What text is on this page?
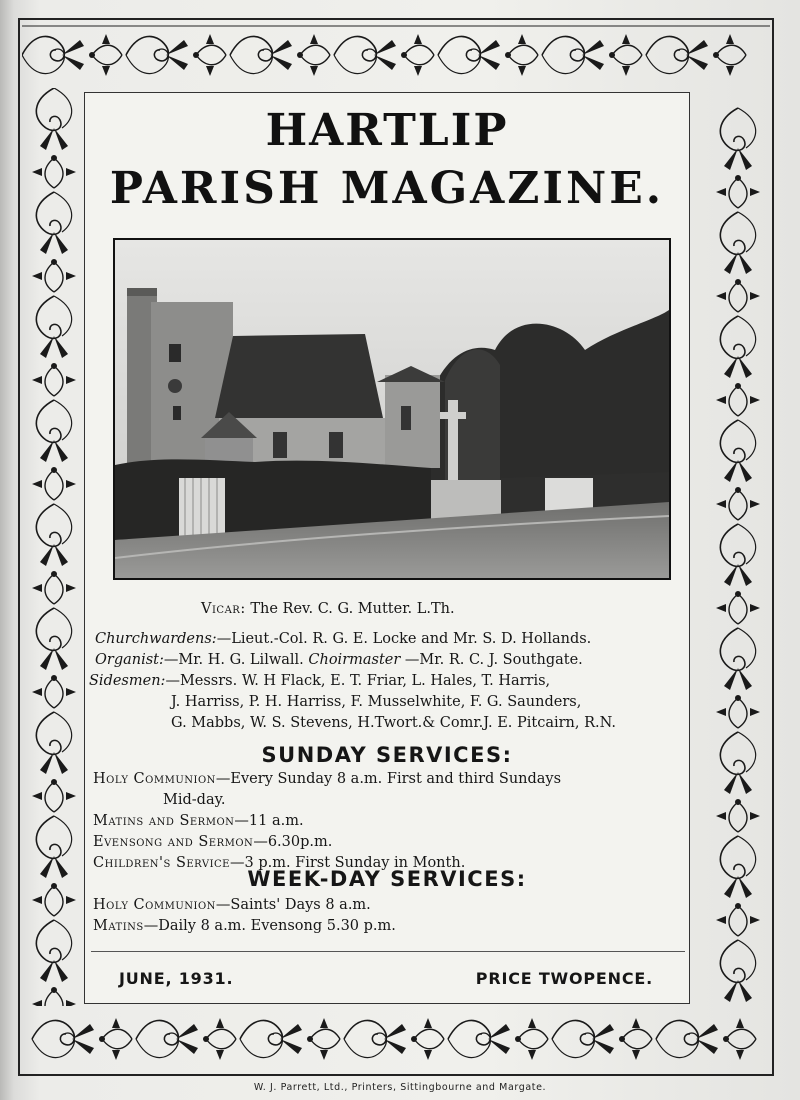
HARTLIP
PARISH MAGAZINE.
Vicar: The Rev. C. G. Mutter. L.Th.
Churchwardens:—Lieut.-Col. R. G. E. Locke and Mr. S. D. Hollands.
Organist:—Mr. H. G. Lilwall. Choirmaster —Mr. R. C. J. Southgate.
Sidesmen:—Messrs. W. H Flack, E. T. Friar, L. Hales, T. Harris,
J. Harriss, P. H. Harriss, F. Musselwhite, F. G. Saunders,
G. Mabbs, W. S. Stevens, H.Twort.& Comr.J. E. Pitcairn, R.N.
SUNDAY SERVICES:
Holy Communion—Every Sunday 8 a.m. First and third Sundays
Mid-day.
Matins and Sermon—11 a.m.
Evensong and Sermon—6.30p.m.
Children's Service—3 p.m. First Sunday in Month.
WEEK-DAY SERVICES:
Holy Communion—Saints' Days 8 a.m.
Matins—Daily 8 a.m. Evensong 5.30 p.m.
JUNE, 1931.	PRICE TWOPENCE.
W. J. Parrett, Ltd., Printers, Sittingbourne and Margate.
